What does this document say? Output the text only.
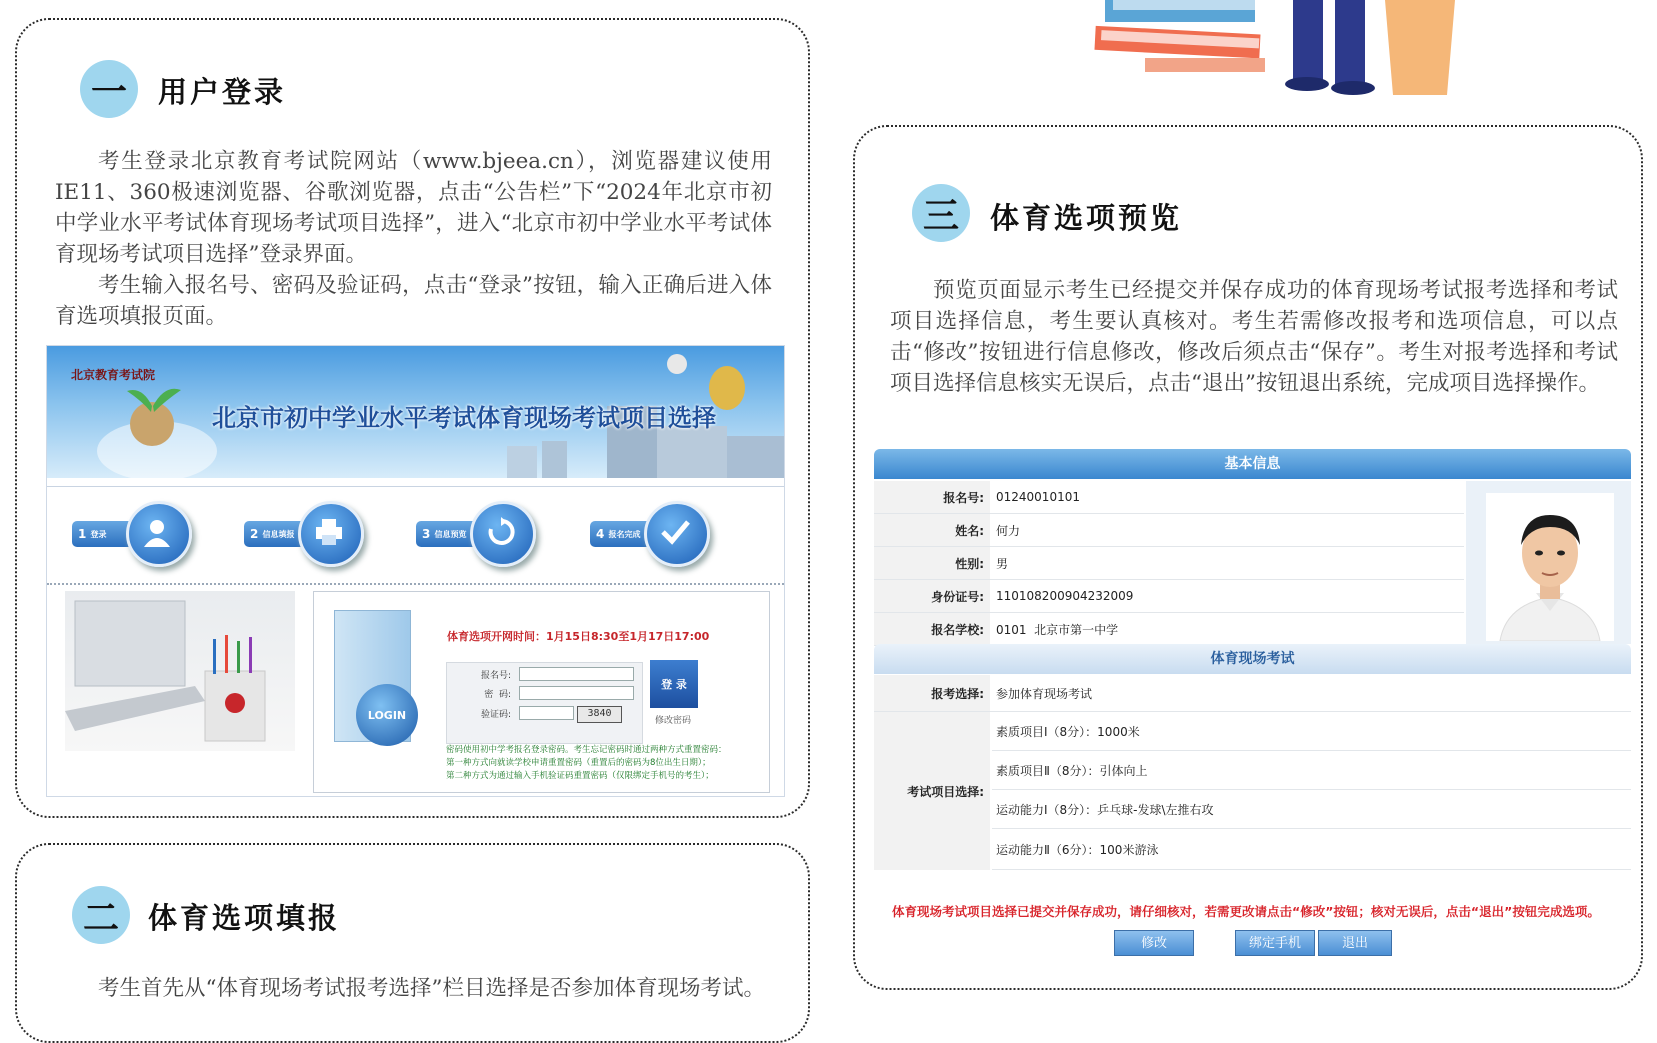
一	用户登录

考生登录北京教育考试院网站（www.bjeea.cn），浏览器建议使用IE11、360极速浏览器、谷歌浏览器，点击“公告栏”下“2024年北京市初中学业水平考试体育现场考试项目选择”，进入“北京市初中学业水平考试体育现场考试项目选择”登录界面。

考生输入报名号、密码及验证码，点击“登录”按钮，输入正确后进入体育选项填报页面。

北京教育考试院
北京市初中学业水平考试体育现场考试项目选择
1
登录	2
信息填报	3
信息预览	4
报名完成
LOGIN
体育选项开网时间：1月15日8:30至1月17日17:00
报名号:
密  码:
验证码:	3840
登 录
修改密码
密码使用初中学考报名登录密码。考生忘记密码时通过两种方式重置密码：
第一种方式向就读学校申请重置密码（重置后的密码为8位出生日期）；
第二种方式为通过输入手机验证码重置密码（仅限绑定手机号的考生）；
二	体育选项填报

考生首先从“体育现场考试报考选择”栏目选择是否参加体育现场考试。

三	体育选项预览

预览页面显示考生已经提交并保存成功的体育现场考试报考选择和考试项目选择信息，考生要认真核对。考生若需修改报考和选项信息，可以点击“修改”按钮进行信息修改，修改后须点击“保存”。考生对报考选择和考试项目选择信息核实无误后，点击“退出”按钮退出系统，完成项目选择操作。

基本信息
报名号:	01240010101
姓名:	何力
性别:	男
身份证号:	110108200904232009
报名学校:	0101  北京市第一中学
体育现场考试
报考选择:	参加体育现场考试
考试项目选择:
素质项目Ⅰ（8分）：1000米
素质项目Ⅱ（8分）：引体向上
运动能力Ⅰ（8分）：乒乓球-发球\左推右攻
运动能力Ⅱ（6分）：100米游泳
体育现场考试项目选择已提交并保存成功，请仔细核对，若需更改请点击“修改”按钮；核对无误后，点击“退出”按钮完成选项。
修改	绑定手机	退出
